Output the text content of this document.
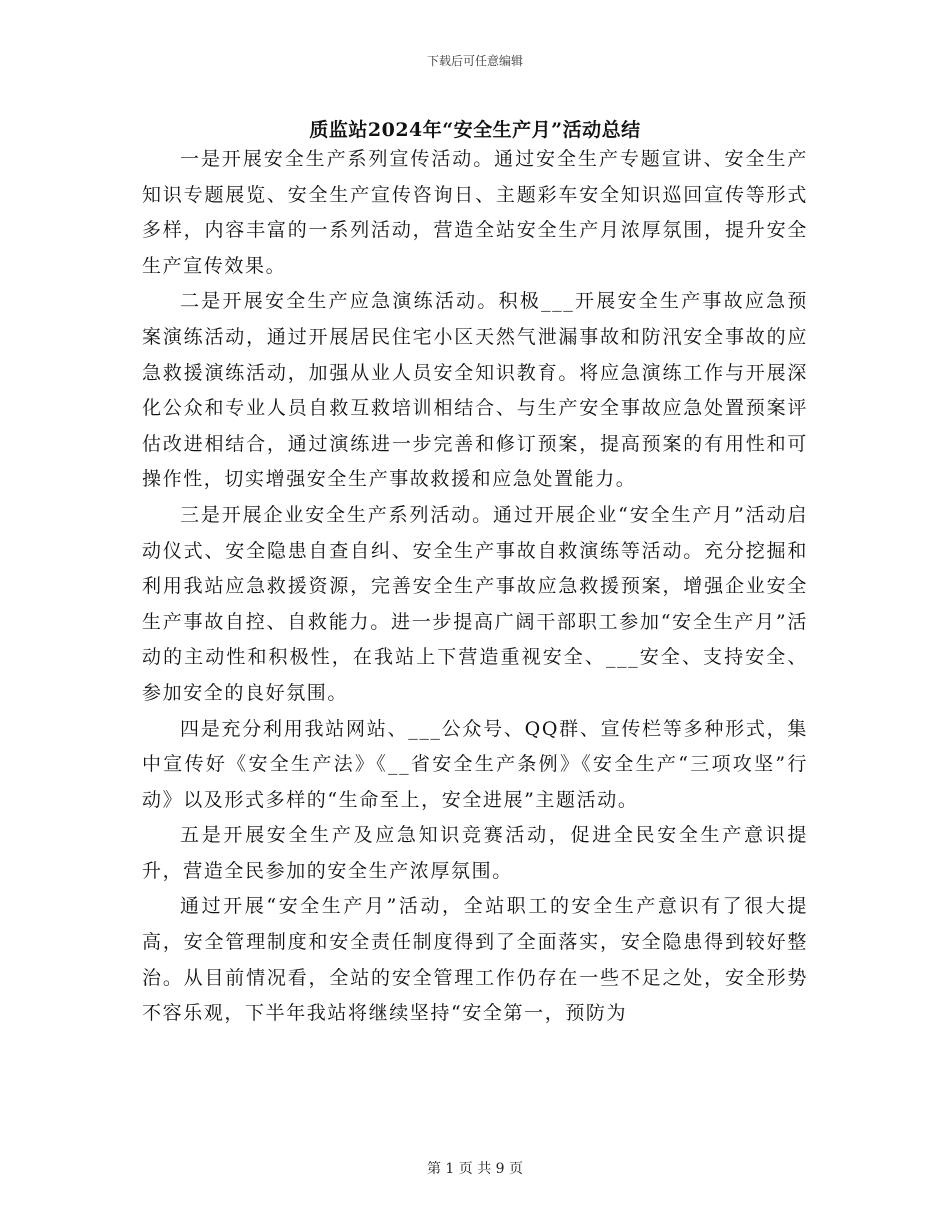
下载后可任意编辑
质监站2024年“安全生产月”活动总结

一是开展安全生产系列宣传活动。通过安全生产专题宣讲、安全生产知识专题展览、安全生产宣传咨询日、主题彩车安全知识巡回宣传等形式多样，内容丰富的一系列活动，营造全站安全生产月浓厚氛围，提升安全生产宣传效果。

二是开展安全生产应急演练活动。积极___开展安全生产事故应急预案演练活动，通过开展居民住宅小区天然气泄漏事故和防汛安全事故的应急救援演练活动，加强从业人员安全知识教育。将应急演练工作与开展深化公众和专业人员自救互救培训相结合、与生产安全事故应急处置预案评估改进相结合，通过演练进一步完善和修订预案，提高预案的有用性和可操作性，切实增强安全生产事故救援和应急处置能力。

三是开展企业安全生产系列活动。通过开展企业“安全生产月”活动启动仪式、安全隐患自查自纠、安全生产事故自救演练等活动。充分挖掘和利用我站应急救援资源，完善安全生产事故应急救援预案，增强企业安全生产事故自控、自救能力。进一步提高广阔干部职工参加“安全生产月”活动的主动性和积极性，在我站上下营造重视安全、___安全、支持安全、参加安全的良好氛围。

四是充分利用我站网站、___公众号、QQ群、宣传栏等多种形式，集中宣传好《安全生产法》《__省安全生产条例》《安全生产“三项攻坚”行动》以及形式多样的“生命至上，安全进展”主题活动。

五是开展安全生产及应急知识竞赛活动，促进全民安全生产意识提升，营造全民参加的安全生产浓厚氛围。

通过开展“安全生产月”活动，全站职工的安全生产意识有了很大提高，安全管理制度和安全责任制度得到了全面落实，安全隐患得到较好整治。从目前情况看，全站的安全管理工作仍存在一些不足之处，安全形势不容乐观，下半年我站将继续坚持“安全第一，预防为

第 1 页 共 9 页
